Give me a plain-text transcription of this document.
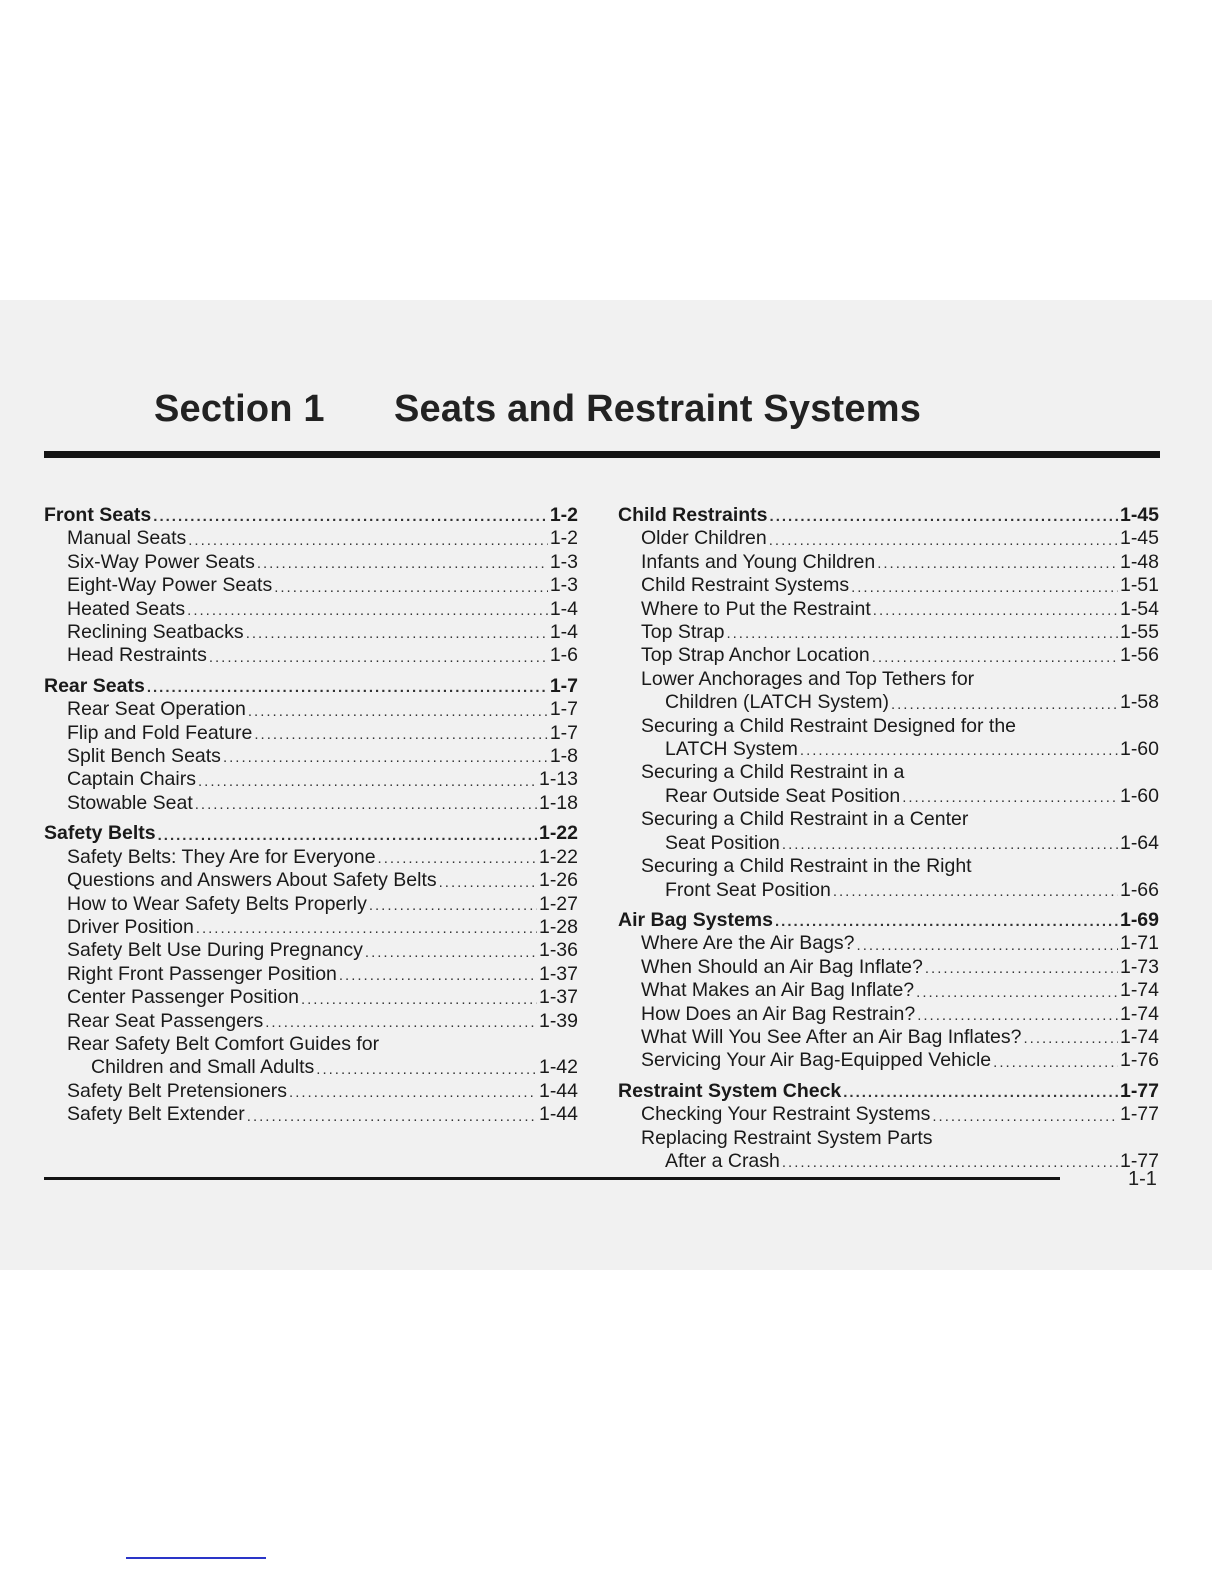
Section 1 Seats and Restraint Systems
Front Seats .....	1-2
Manual Seats .....	1-2
Six-Way Power Seats .....	1-3
Eight-Way Power Seats .....	1-3
Heated Seats .....	1-4
Reclining Seatbacks .....	1-4
Head Restraints .....	1-6
Rear Seats .....	1-7
Rear Seat Operation .....	1-7
Flip and Fold Feature .....	1-7
Split Bench Seats .....	1-8
Captain Chairs .....	1-13
Stowable Seat .....	1-18
Safety Belts .....	1-22
Safety Belts: They Are for Everyone .....	1-22
Questions and Answers About Safety Belts .....	1-26
How to Wear Safety Belts Properly .....	1-27
Driver Position .....	1-28
Safety Belt Use During Pregnancy .....	1-36
Right Front Passenger Position .....	1-37
Center Passenger Position .....	1-37
Rear Seat Passengers .....	1-39
Rear Safety Belt Comfort Guides for
Children and Small Adults .....	1-42
Safety Belt Pretensioners .....	1-44
Safety Belt Extender .....	1-44
Child Restraints .....	1-45
Older Children .....	1-45
Infants and Young Children .....	1-48
Child Restraint Systems .....	1-51
Where to Put the Restraint .....	1-54
Top Strap .....	1-55
Top Strap Anchor Location .....	1-56
Lower Anchorages and Top Tethers for
Children (LATCH System) .....	1-58
Securing a Child Restraint Designed for the
LATCH System .....	1-60
Securing a Child Restraint in a
Rear Outside Seat Position .....	1-60
Securing a Child Restraint in a Center
Seat Position .....	1-64
Securing a Child Restraint in the Right
Front Seat Position .....	1-66
Air Bag Systems .....	1-69
Where Are the Air Bags? .....	1-71
When Should an Air Bag Inflate? .....	1-73
What Makes an Air Bag Inflate? .....	1-74
How Does an Air Bag Restrain? .....	1-74
What Will You See After an Air Bag Inflates? .....	1-74
Servicing Your Air Bag-Equipped Vehicle .....	1-76
Restraint System Check .....	1-77
Checking Your Restraint Systems .....	1-77
Replacing Restraint System Parts
After a Crash .....	1-77
1-1
